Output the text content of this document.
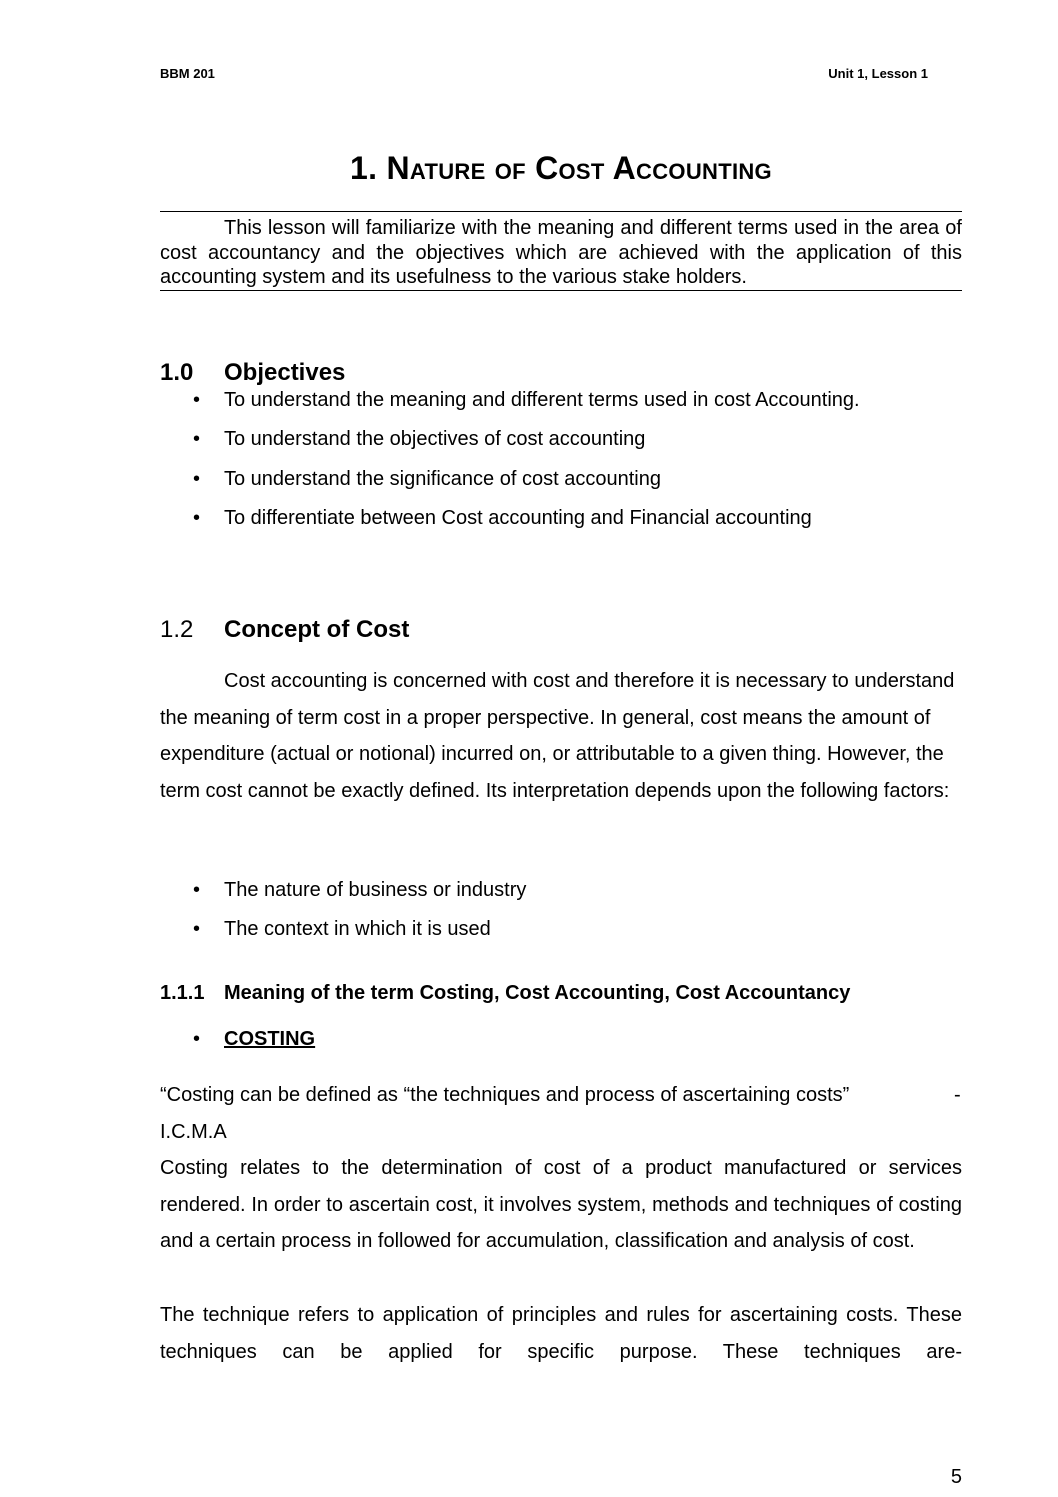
BBM 201	Unit 1, Lesson 1
1. Nature of Cost Accounting
This lesson will familiarize with the meaning and different terms used in the area of cost accountancy and the objectives which are achieved with the application of this accounting system and its usefulness to the various stake holders.
1.0 Objectives
• To understand the meaning and different terms used in cost Accounting.
• To understand the objectives of cost accounting
• To understand the significance of cost accounting
• To differentiate between Cost accounting and Financial accounting
1.2 Concept of Cost
Cost accounting is concerned with cost and therefore it is necessary to understand the meaning of term cost in a proper perspective. In general, cost means the amount of expenditure (actual or notional) incurred on, or attributable to a given thing. However, the term cost cannot be exactly defined. Its interpretation depends upon the following factors:
• The nature of business or industry
• The context in which it is used
1.1.1 Meaning of the term Costing, Cost Accounting, Cost Accountancy
• COSTING
“Costing can be defined as “the techniques and process of ascertaining costs”	-
I.C.M.A
Costing relates to the determination of cost of a product manufactured or services rendered. In order to ascertain cost, it involves system, methods and techniques of costing and a certain process in followed for accumulation, classification and analysis of cost.
The technique refers to application of principles and rules for ascertaining costs. These techniques can be applied for specific purpose. These techniques are-
5
